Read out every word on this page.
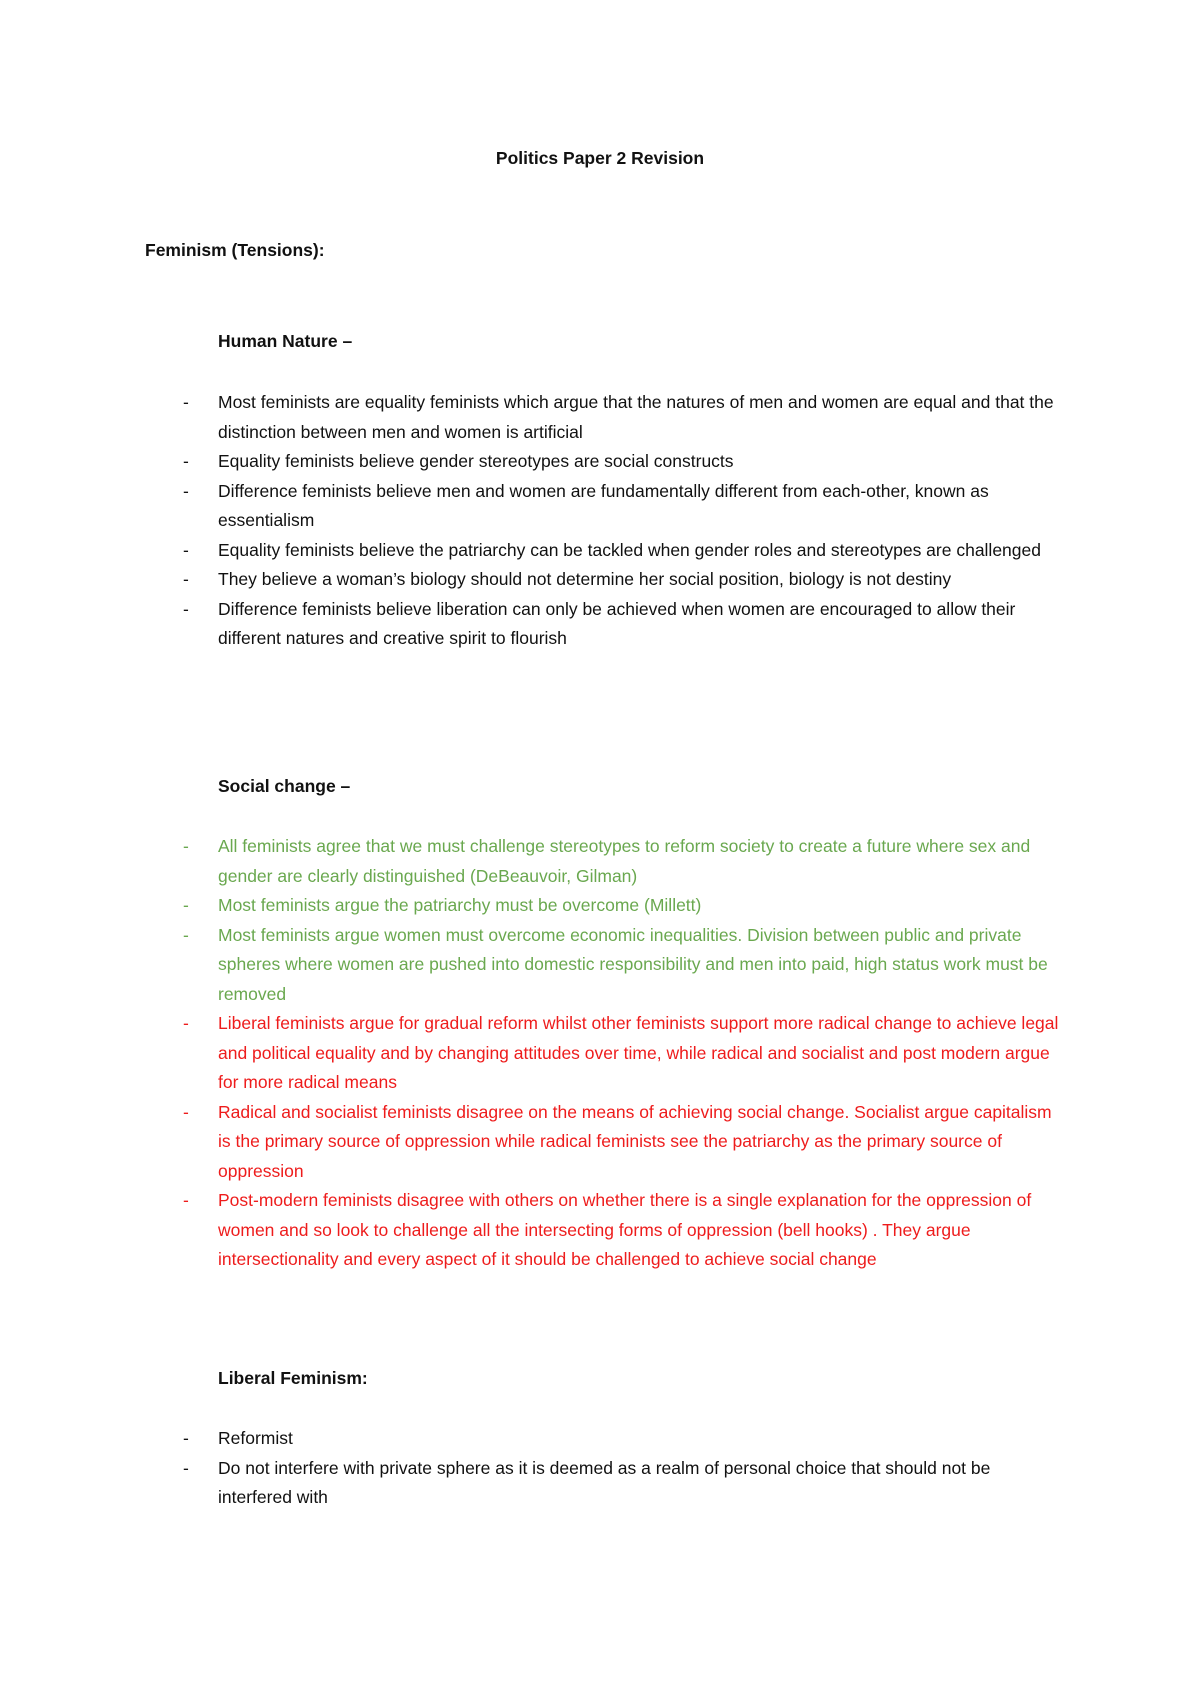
Politics Paper 2 Revision
Feminism (Tensions):
Human Nature –
- Most feminists are equality feminists which argue that the natures of men and women are equal and that the distinction between men and women is artificial
- Equality feminists believe gender stereotypes are social constructs
- Difference feminists believe men and women are fundamentally different from each-other, known as essentialism
- Equality feminists believe the patriarchy can be tackled when gender roles and stereotypes are challenged
- They believe a woman’s biology should not determine her social position, biology is not destiny
- Difference feminists believe liberation can only be achieved when women are encouraged to allow their different natures and creative spirit to flourish
Social change –
- All feminists agree that we must challenge stereotypes to reform society to create a future where sex and gender are clearly distinguished (DeBeauvoir, Gilman)
- Most feminists argue the patriarchy must be overcome (Millett)
- Most feminists argue women must overcome economic inequalities. Division between public and private spheres where women are pushed into domestic responsibility and men into paid, high status work must be removed
- Liberal feminists argue for gradual reform whilst other feminists support more radical change to achieve legal and political equality and by changing attitudes over time, while radical and socialist and post modern argue for more radical means
- Radical and socialist feminists disagree on the means of achieving social change. Socialist argue capitalism is the primary source of oppression while radical feminists see the patriarchy as the primary source of oppression
- Post-modern feminists disagree with others on whether there is a single explanation for the oppression of women and so look to challenge all the intersecting forms of oppression (bell hooks) . They argue intersectionality and every aspect of it should be challenged to achieve social change
Liberal Feminism:
- Reformist
- Do not interfere with private sphere as it is deemed as a realm of personal choice that should not be interfered with
